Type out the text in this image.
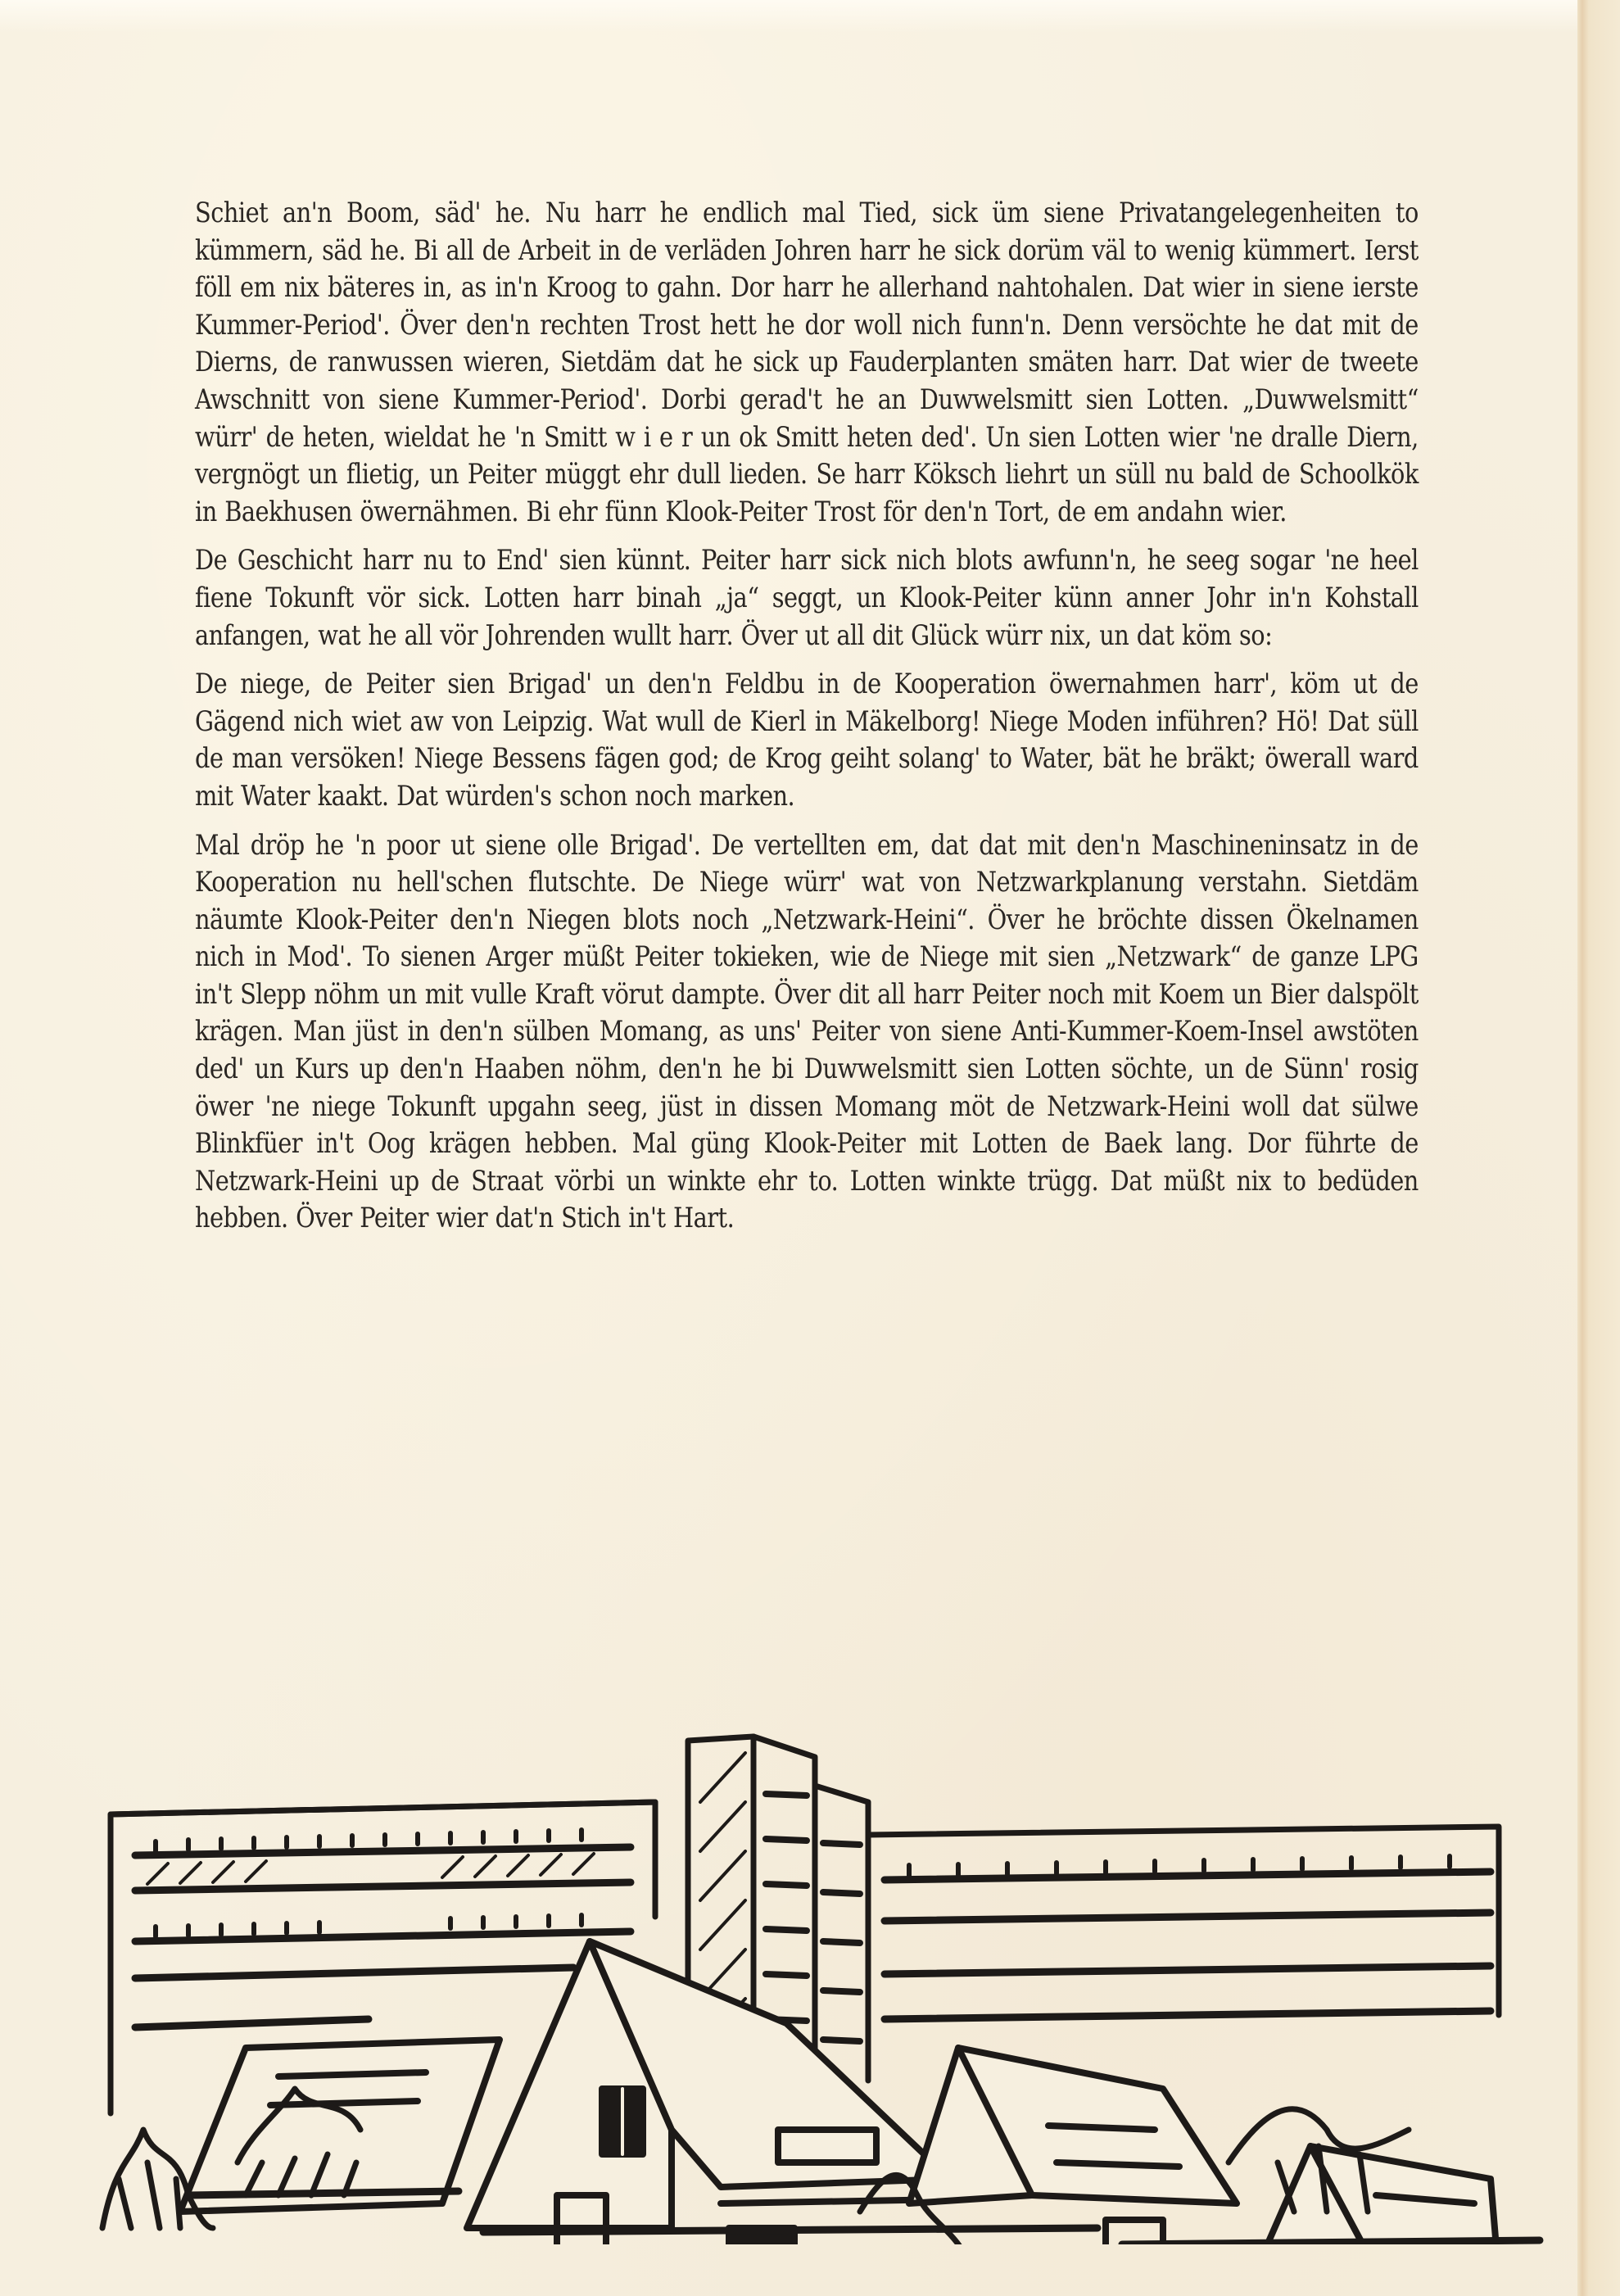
Schiet an'n Boom, säd' he. Nu harr he endlich mal Tied, sick üm siene Privatangelegenheiten to kümmern, säd he. Bi all de Arbeit in de verläden Johren harr he sick dorüm väl to wenig kümmert. Ierst föll em nix bäteres in, as in'n Kroog to gahn. Dor harr he allerhand nahtohalen. Dat wier in siene ierste Kummer-Period'. Över den'n rechten Trost hett he dor woll nich funn'n. Denn versöchte he dat mit de Dierns, de ranwussen wieren, Sietdäm dat he sick up Fauderplanten smäten harr. Dat wier de tweete Awschnitt von siene Kummer-Period'. Dorbi gerad't he an Duwwelsmitt sien Lotten. „Duwwelsmitt“ würr' de heten, wieldat he 'n Smitt w i e r un ok Smitt heten ded'. Un sien Lotten wier 'ne dralle Diern, vergnögt un flietig, un Peiter müggt ehr dull lieden. Se harr Köksch liehrt un süll nu bald de Schoolkök in Baekhusen öwernähmen. Bi ehr fünn Klook-Peiter Trost för den'n Tort, de em andahn wier.

De Geschicht harr nu to End' sien künnt. Peiter harr sick nich blots awfunn'n, he seeg sogar 'ne heel fiene Tokunft vör sick. Lotten harr binah „ja“ seggt, un Klook-Peiter künn anner Johr in'n Kohstall anfangen, wat he all vör Johrenden wullt harr. Över ut all dit Glück würr nix, un dat köm so:

De niege, de Peiter sien Brigad' un den'n Feldbu in de Kooperation öwernahmen harr', köm ut de Gägend nich wiet aw von Leipzig. Wat wull de Kierl in Mäkelborg! Niege Moden inführen? Hö! Dat süll de man versöken! Niege Bessens fägen god; de Krog geiht solang' to Water, bät he bräkt; öwerall ward mit Water kaakt. Dat würden's schon noch marken.

Mal dröp he 'n poor ut siene olle Brigad'. De vertellten em, dat dat mit den'n Maschineninsatz in de Kooperation nu hell'schen flutschte. De Niege würr' wat von Netzwarkplanung verstahn. Sietdäm näumte Klook-Peiter den'n Niegen blots noch „Netzwark-Heini“. Över he bröchte dissen Ökelnamen nich in Mod'. To sienen Arger müßt Peiter tokieken, wie de Niege mit sien „Netzwark“ de ganze LPG in't Slepp nöhm un mit vulle Kraft vörut dampte. Över dit all harr Peiter noch mit Koem un Bier dalspölt krägen. Man jüst in den'n sülben Momang, as uns' Peiter von siene Anti-Kummer-Koem-Insel awstöten ded' un Kurs up den'n Haaben nöhm, den'n he bi Duwwelsmitt sien Lotten söchte, un de Sünn' rosig öwer 'ne niege Tokunft upgahn seeg, jüst in dissen Momang möt de Netzwark-Heini woll dat sülwe Blinkfüer in't Oog krägen hebben. Mal güng Klook-Peiter mit Lotten de Baek lang. Dor führte de Netzwark-Heini up de Straat vörbi un winkte ehr to. Lotten winkte trügg. Dat müßt nix to bedüden hebben. Över Peiter wier dat'n Stich in't Hart.
